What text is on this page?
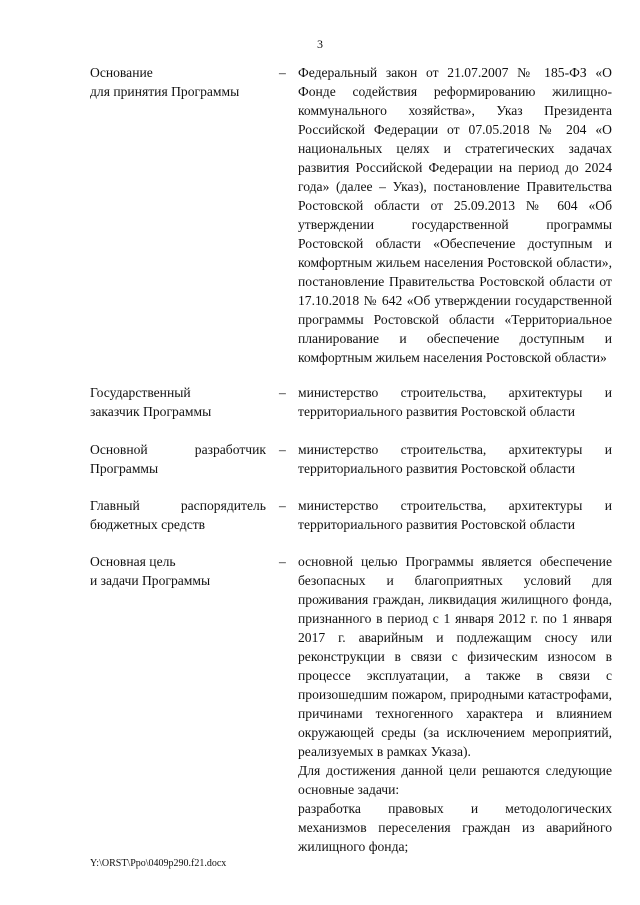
3
Основание
для принятия Программы
– Федеральный закон от 21.07.2007 № 185-ФЗ «О Фонде содействия реформированию жилищно-коммунального хозяйства», Указ Президента Российской Федерации от 07.05.2018 № 204 «О национальных целях и стратегических задачах развития Российской Федерации на период до 2024 года» (далее – Указ), постановление Правительства Ростовской области от 25.09.2013 № 604 «Об утверждении государственной программы Ростовской области «Обеспечение доступным и комфортным жильем населения Ростовской области», постановление Правительства Ростовской области от 17.10.2018 № 642 «Об утверждении государственной программы Ростовской области «Территориальное планирование и обеспечение доступным и комфортным жильем населения Ростовской области»

Государственный
заказчик Программы
– министерство строительства, архитектуры и территориального развития Ростовской области

Основной разработчик
Программы
– министерство строительства, архитектуры и территориального развития Ростовской области

Главный распорядитель
бюджетных средств
– министерство строительства, архитектуры и территориального развития Ростовской области

Основная цель
и задачи Программы
– основной целью Программы является обеспечение безопасных и благоприятных условий для проживания граждан, ликвидация жилищного фонда, признанного в период с 1 января 2012 г. по 1 января 2017 г. аварийным и подлежащим сносу или реконструкции в связи с физическим износом в процессе эксплуатации, а также в связи с произошедшим пожаром, природными катастрофами, причинами техногенного характера и влиянием окружающей среды (за исключением мероприятий, реализуемых в рамках Указа).

Для достижения данной цели решаются следующие основные задачи:

разработка правовых и методологических механизмов переселения граждан из аварийного жилищного фонда;

Y:\ORST\Ppo\0409p290.f21.docx
